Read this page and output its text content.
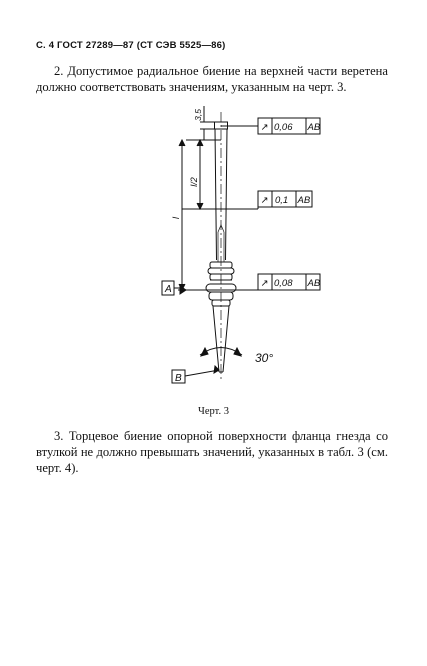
С. 4 ГОСТ 27289—87 (СТ СЭВ 5525—86)
2. Допустимое радиальное биение на верхней части веретена должно соответствовать значениям, указанным на черт. 3.
↗ 0,06 AB
↗ 0,1 AB
↗ 0,08 AB
A
B
3,5
l/2
l
30°
Черт. 3
3. Торцевое биение опорной поверхности фланца гнезда со втулкой не должно превышать значений, указанных в табл. 3 (см. черт. 4).
